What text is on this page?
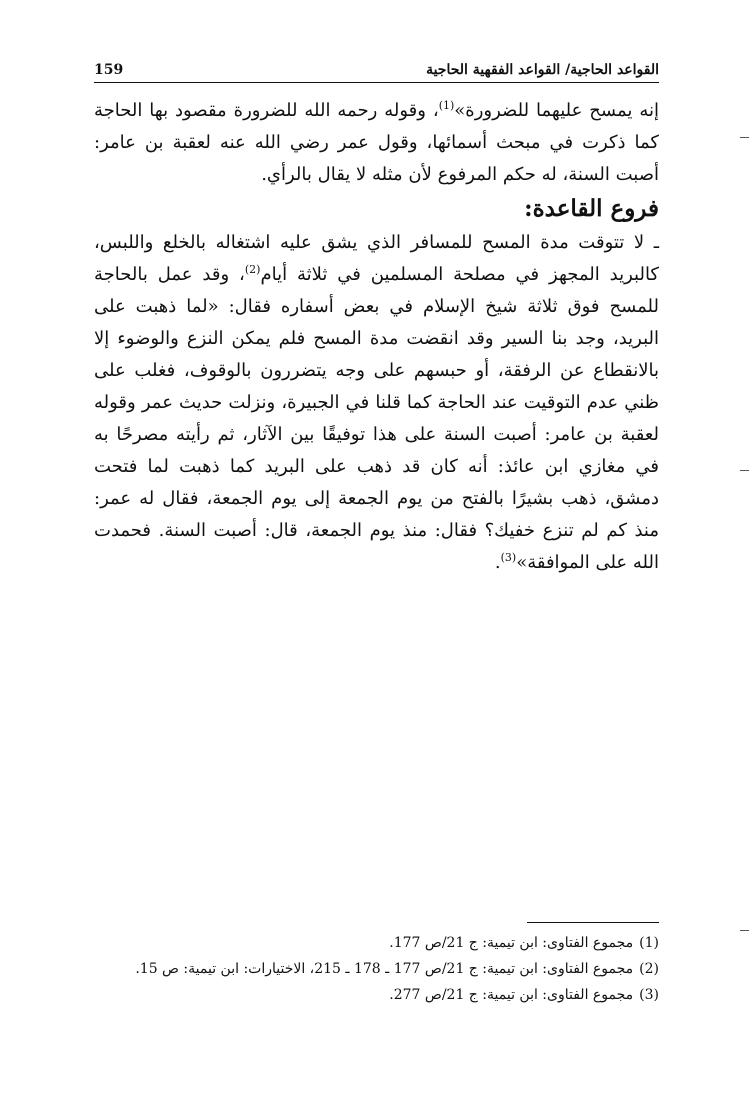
159	القواعد الحاجية/ القواعد الفقهية الحاجية

إنه يمسح عليهما للضرورة»$^{(1)}$، وقوله رحمه الله للضرورة مقصود بها الحاجة كما ذكرت في مبحث أسمائها، وقول عمر رضي الله عنه لعقبة بن عامر: أصبت السنة، له حكم المرفوع لأن مثله لا يقال بالرأي.

فروع القاعدة:

ـ لا تتوقت مدة المسح للمسافر الذي يشق عليه اشتغاله بالخلع واللبس، كالبريد المجهز في مصلحة المسلمين في ثلاثة أيام$^{(2)}$، وقد عمل بالحاجة للمسح فوق ثلاثة شيخ الإسلام في بعض أسفاره فقال: «لما ذهبت على البريد، وجد بنا السير وقد انقضت مدة المسح فلم يمكن النزع والوضوء إلا بالانقطاع عن الرفقة، أو حبسهم على وجه يتضررون بالوقوف، فغلب على ظني عدم التوقيت عند الحاجة كما قلنا في الجبيرة، ونزلت حديث عمر وقوله لعقبة بن عامر: أصبت السنة على هذا توفيقًا بين الآثار، ثم رأيته مصرحًا به في مغازي ابن عائذ: أنه كان قد ذهب على البريد كما ذهبت لما فتحت دمشق، ذهب بشيرًا بالفتح من يوم الجمعة إلى يوم الجمعة، فقال له عمر: منذ كم لم تنزع خفيك؟ فقال: منذ يوم الجمعة، قال: أصبت السنة. فحمدت الله على الموافقة»$^{(3)}$.

(1)مجموع الفتاوى: ابن تيمية: ج 21/ص 177.

(2)مجموع الفتاوى: ابن تيمية: ج 21/ص 177 ـ 178 ـ 215، الاختيارات: ابن تيمية: ص 15.

(3)مجموع الفتاوى: ابن تيمية: ج 21/ص 277.
